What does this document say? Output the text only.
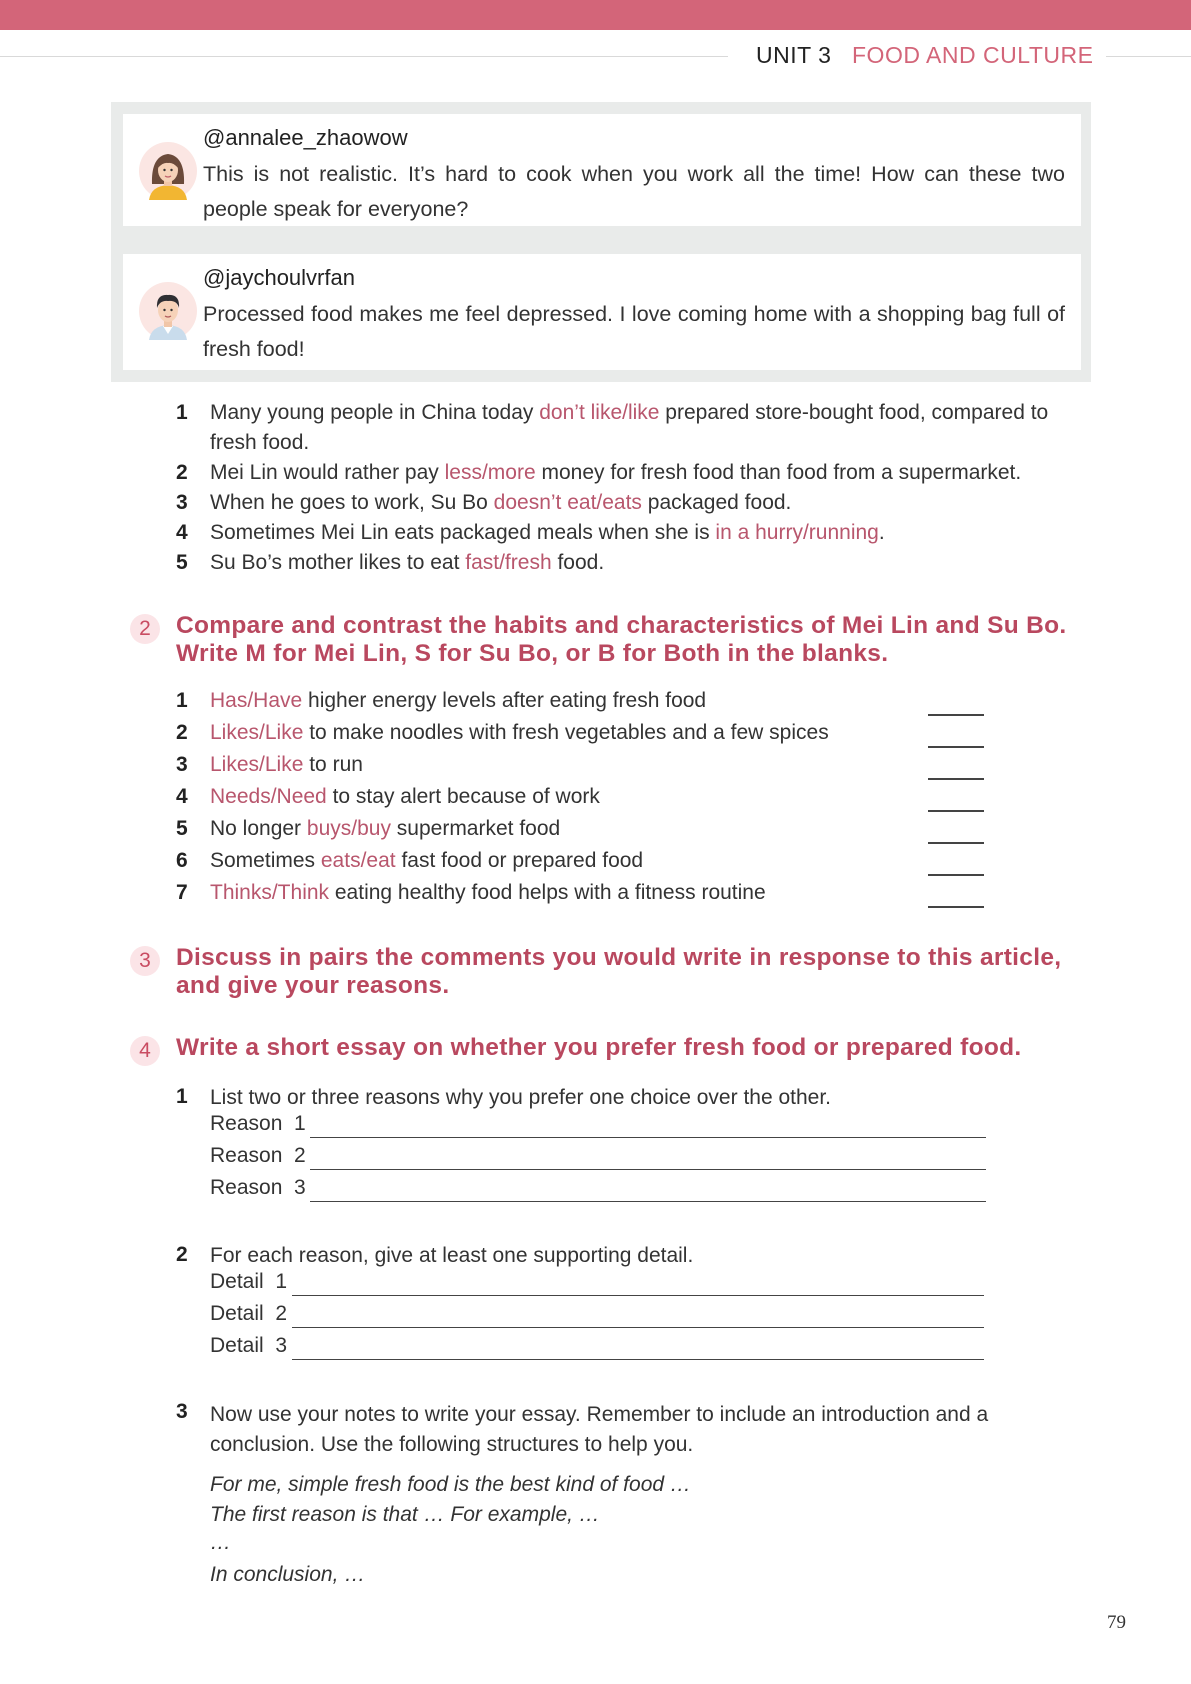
UNIT 3 FOOD AND CULTURE
@annalee_zhaowow
This is not realistic. It’s hard to cook when you work all the time! How can these two people speak for everyone?
@jaychoulvrfan
Processed food makes me feel depressed. I love coming home with a shopping bag full of fresh food!
1 Many young people in China today don’t like/like prepared store-bought food, compared to fresh food.
2 Mei Lin would rather pay less/more money for fresh food than food from a supermarket.
3 When he goes to work, Su Bo doesn’t eat/eats packaged food.
4 Sometimes Mei Lin eats packaged meals when she is in a hurry/running.
5 Su Bo’s mother likes to eat fast/fresh food.
2	Compare and contrast the habits and characteristics of Mei Lin and Su Bo.
Write M for Mei Lin, S for Su Bo, or B for Both in the blanks.
1 Has/Have higher energy levels after eating fresh food
2 Likes/Like to make noodles with fresh vegetables and a few spices
3 Likes/Like to run
4 Needs/Need to stay alert because of work
5 No longer buys/buy supermarket food
6 Sometimes eats/eat fast food or prepared food
7 Thinks/Think eating healthy food helps with a fitness routine
3	Discuss in pairs the comments you would write in response to this article,
and give your reasons.
4	Write a short essay on whether you prefer fresh food or prepared food.
1 List two or three reasons why you prefer one choice over the other.
Reason  1
Reason  2
Reason  3
2 For each reason, give at least one supporting detail.
Detail  1
Detail  2
Detail  3
3 Now use your notes to write your essay. Remember to include an introduction and a conclusion. Use the following structures to help you.
For me, simple fresh food is the best kind of food …
The first reason is that … For example, …
…
In conclusion, …
79
